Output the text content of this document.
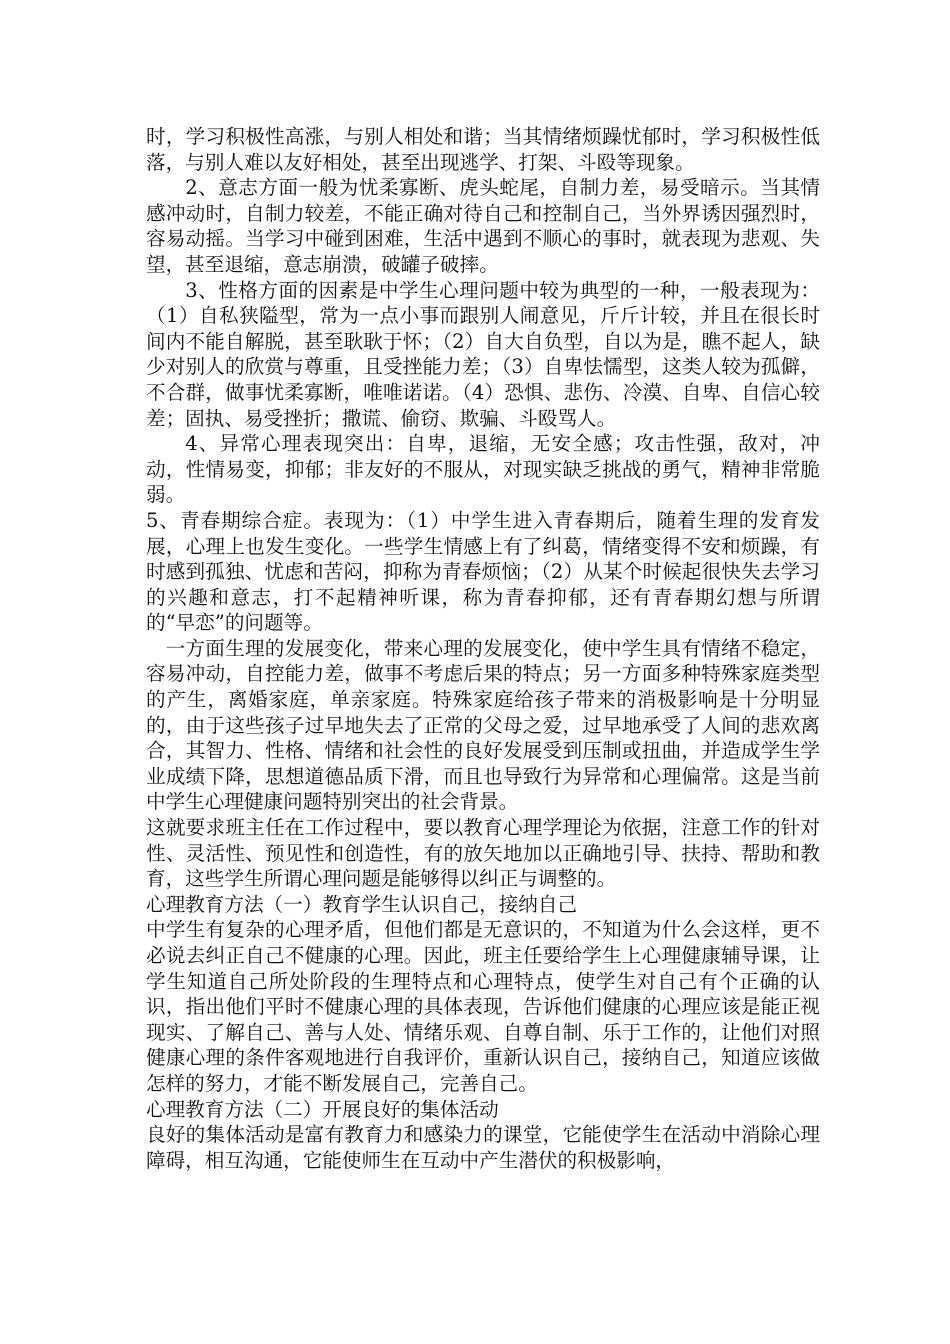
时，学习积极性高涨，与别人相处和谐；当其情绪烦躁忧郁时，学习积极性低落，与别人难以友好相处，甚至出现逃学、打架、斗殴等现象。

2、意志方面一般为忧柔寡断、虎头蛇尾，自制力差，易受暗示。当其情感冲动时，自制力较差，不能正确对待自己和控制自己，当外界诱因强烈时，容易动摇。当学习中碰到困难，生活中遇到不顺心的事时，就表现为悲观、失望，甚至退缩，意志崩溃，破罐子破摔。

3、性格方面的因素是中学生心理问题中较为典型的一种，一般表现为：（1）自私狭隘型，常为一点小事而跟别人闹意见，斤斤计较，并且在很长时间内不能自解脱，甚至耿耿于怀；（2）自大自负型，自以为是，瞧不起人，缺少对别人的欣赏与尊重，且受挫能力差；（3）自卑怯懦型，这类人较为孤僻，不合群，做事忧柔寡断，唯唯诺诺。（4）恐惧、悲伤、冷漠、自卑、自信心较差；固执、易受挫折；撒谎、偷窃、欺骗、斗殴骂人。

4、异常心理表现突出：自卑，退缩，无安全感；攻击性强，敌对，冲动，性情易变，抑郁；非友好的不服从，对现实缺乏挑战的勇气，精神非常脆弱。

5、青春期综合症。表现为：（1）中学生进入青春期后，随着生理的发育发展，心理上也发生变化。一些学生情感上有了纠葛，情绪变得不安和烦躁，有时感到孤独、忧虑和苦闷，抑称为青春烦恼；（2）从某个时候起很快失去学习的兴趣和意志，打不起精神听课，称为青春抑郁，还有青春期幻想与所谓的“早恋”的问题等。

一方面生理的发展变化，带来心理的发展变化，使中学生具有情绪不稳定，容易冲动，自控能力差，做事不考虑后果的特点；另一方面多种特殊家庭类型的产生，离婚家庭，单亲家庭。特殊家庭给孩子带来的消极影响是十分明显的，由于这些孩子过早地失去了正常的父母之爱，过早地承受了人间的悲欢离合，其智力、性格、情绪和社会性的良好发展受到压制或扭曲，并造成学生学业成绩下降，思想道德品质下滑，而且也导致行为异常和心理偏常。这是当前中学生心理健康问题特别突出的社会背景。

这就要求班主任在工作过程中，要以教育心理学理论为依据，注意工作的针对性、灵活性、预见性和创造性，有的放矢地加以正确地引导、扶持、帮助和教育，这些学生所谓心理问题是能够得以纠正与调整的。

心理教育方法（一）教育学生认识自己，接纳自己

中学生有复杂的心理矛盾，但他们都是无意识的，不知道为什么会这样，更不必说去纠正自己不健康的心理。因此，班主任要给学生上心理健康辅导课，让学生知道自己所处阶段的生理特点和心理特点，使学生对自己有个正确的认识，指出他们平时不健康心理的具体表现，告诉他们健康的心理应该是能正视现实、了解自己、善与人处、情绪乐观、自尊自制、乐于工作的，让他们对照健康心理的条件客观地进行自我评价，重新认识自己，接纳自己，知道应该做怎样的努力，才能不断发展自己，完善自己。

心理教育方法（二）开展良好的集体活动

良好的集体活动是富有教育力和感染力的课堂，它能使学生在活动中消除心理障碍，相互沟通，它能使师生在互动中产生潜伏的积极影响，
